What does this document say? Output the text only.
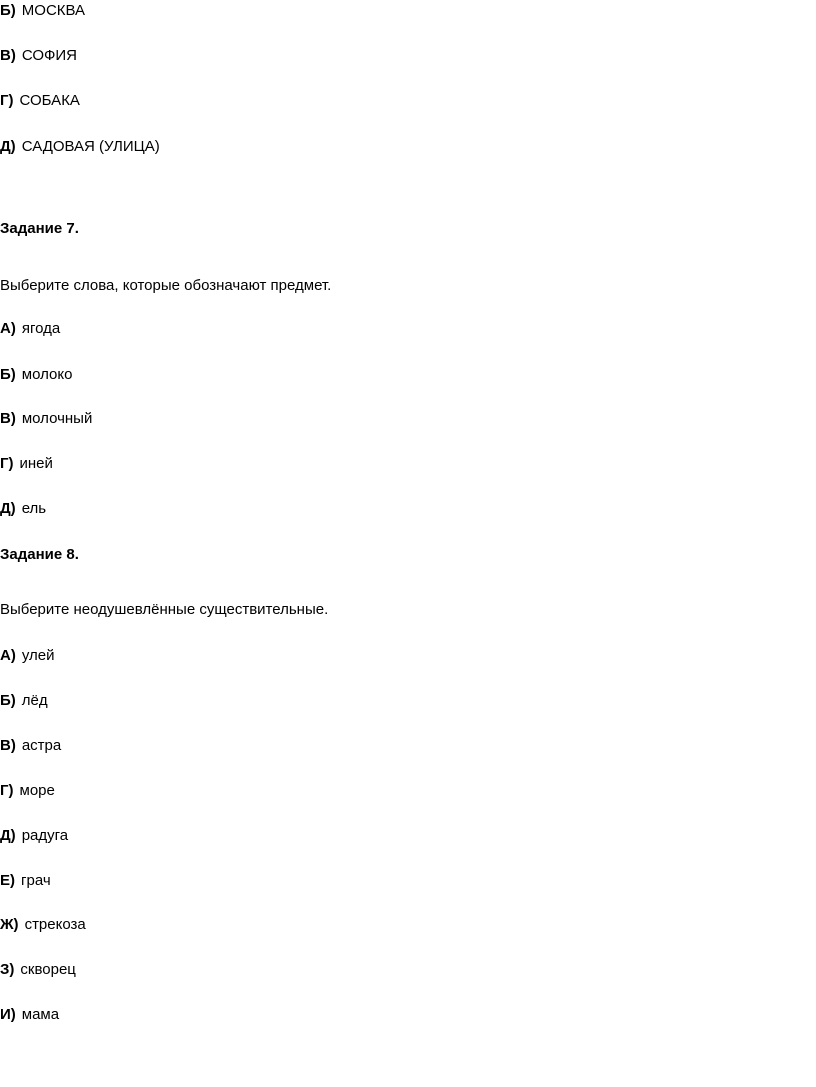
Б) МОСКВА
В) СОФИЯ
Г) СОБАКА
Д) САДОВАЯ (УЛИЦА)
Задание 7.
Выберите слова, которые обозначают предмет.
А) ягода
Б) молоко
В) молочный
Г) иней
Д) ель
Задание 8.
Выберите неодушевлённые существительные.
А) улей
Б) лёд
В) астра
Г) море
Д) радуга
Е) грач
Ж) стрекоза
З) скворец
И) мама
